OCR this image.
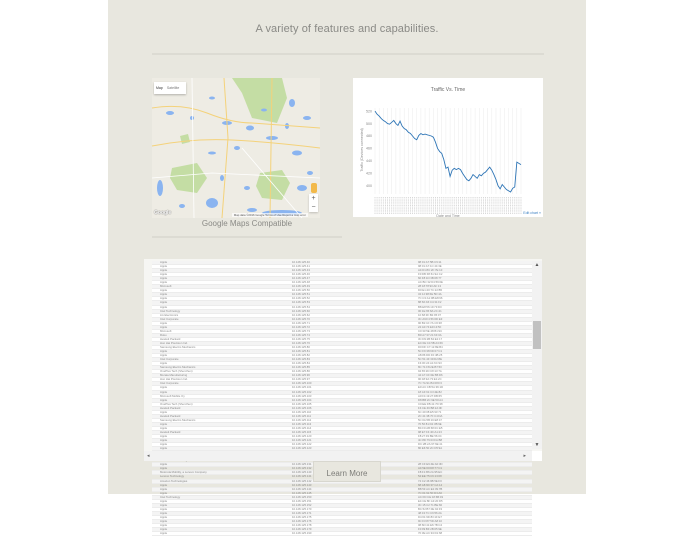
A variety of features and capabilities.
Map	Satellite
+
−
Google	Map data ©2016 Google Terms of Use Report a map error
Google Maps Compatible
Traffic Vs. Time
400
420
440
460
480
500
520
Traffic (Devices connected)
Date and Time
Edit chart »
Apple	10.128.125.40	98:01:A7:5B:C9:11
Apple	10.128.125.41	98:01:A7:1C:44:3E
Apple	10.128.125.43	A4:D1:8C:2F:7E:10
Apple	10.128.125.46	F0:DB:F8:61:9A:C2
Apple	10.128.125.47	60:F8:1D:3B:08:77
Apple	10.128.125.48	AC:BC:32:D4:59:0E
Microsoft	10.128.125.49	28:18:78:90:AF:13
Apple	10.128.125.50	D0:E1:40:7C:22:B5
Apple	10.128.125.51	34:12:98:6E:5D:4A
Apple	10.128.125.52	7C:C3:A1:0B:E8:96
Apple	10.128.125.53	88:66:A5:C4:31:F2
Apple	10.128.125.54	B8:E8:56:19:73:D0
Intel Technology	10.128.125.60	00:1E:65:8A:2C:41
LG Electronics	10.128.125.62	10:68:3F:B2:95:07
Intel Corporate	10.128.125.70	3C:A9:F4:56:0D:E3
Apple	10.128.125.71	90:B2:1F:7A:C6:38
Apple	10.128.125.72	24:A0:74:E9:13:5F
Microsoft	10.128.125.73	C0:33:5E:48:B1:9C
Roku	10.128.125.74	B0:A7:37:21:6F:0A
Hewlett Packard	10.128.125.75	3C:D9:2B:84:E2:17
Hon Hai Precision Ind.	10.128.125.76	EC:0E:C4:5B:A3:69
Samsung Electro Mechanics	10.128.125.80	D0:DF:C7:12:8E:B4
Apple	10.128.125.81	5C:F9:38:6D:07:C1
Apple	10.128.125.82	A8:86:DD:F0:4B:25
Intel Corporate	10.128.125.83	5C:51:4F:39:D2:8E
Apple	10.128.125.84	F4:0F:24:A1:6C:93
Samsung Electro Mechanics	10.128.125.85	8C:71:F8:2E:B7:50
OnePlus Tech (Shenzhen)	10.128.125.86	94:65:2D:C8:13:7A
Murata Manufacturing	10.128.125.96	44:A7:CF:0E:5B:D6
Hon Hai Precision Ind.	10.128.125.97	90:48:9A:73:E1:2C
Intel Corporate	10.128.125.100	7C:7A:91:B4:08:F3
Apple	10.128.125.101	E0:AC:CB:5A:96:1D
Apple	10.128.125.102	18:AF:61:C3:4E:82
Microsoft Mobile Oy	10.128.125.103	A0:F4:19:27:DB:65
Apple	10.128.125.104	D8:BB:2C:9E:50:A4
OnePlus Tech (Shenzhen)	10.128.125.105	C0:EE:FB:41:7D:38
Hewlett Packard	10.128.125.106	F4:CE:46:B8:2A:0F
Apple	10.128.125.110	6C:40:08:E5:93:71
Hewlett Packard	10.128.125.111	2C:41:38:7F:C4:DA
Samsung Electro Mechanics	10.128.125.112	5C:0A:5B:16:E8:47
Apple	10.128.125.113	70:56:81:D2:3B:9E
Apple	10.128.125.114	B4:F0:AB:68:0C:E5
Hewlett Packard	10.128.125.115	98:E7:F4:4D:A1:23
Apple	10.128.125.120	F8:27:93:BE:56:0C
Apple	10.128.125.121	4C:8D:79:03:FA:B8
Apple	10.128.125.122	DC:2B:2A:97:6E:41
Apple	10.128.125.123	80:E6:50:2C:D5:9A
Apple	10.128.125.131	28:CF:E9:4E:A0:3D
Apple	10.128.125.132	A4:5E:60:D8:77:C1
Motorola Mobility, a Lenovo Company	10.128.125.140	F8:F1:B6:2A:95:EC
Lenovo Technology	10.128.125.141	54:EE:75:C6:13:08
Amazon Technologies	10.128.125.142	74:C2:46:9B:5E:F0
Apple	10.128.125.143	68:A8:6D:37:CA:14
Apple	10.128.125.144	B8:53:AC:E2:09:7B
Apple	10.128.125.145	7C:01:91:5F:D3:A6
Intel Technology	10.128.125.150	AC:FD:CE:18:6B:49
Apple	10.128.125.151	E4:CE:8F:A3:20:D5
Apple	10.128.125.152	3C:15:C2:71:BE:82
Apple	10.128.125.170	BC:52:B7:0E:94:F3
Apple	10.128.125.171	48:43:7C:C9:56:2A
Apple	10.128.125.175	D4:61:9D:83:1F:E7
Apple	10.128.125.176	9C:F3:87:5D:A8:10
Apple	10.128.125.178	08:6D:41:E6:7B:C4
Apple	10.128.125.179	F0:99:BF:2B:05:9E
Apple	10.128.125.190	70:3E:AC:94:D1:68
▲
▼
◂	▸
Learn More
